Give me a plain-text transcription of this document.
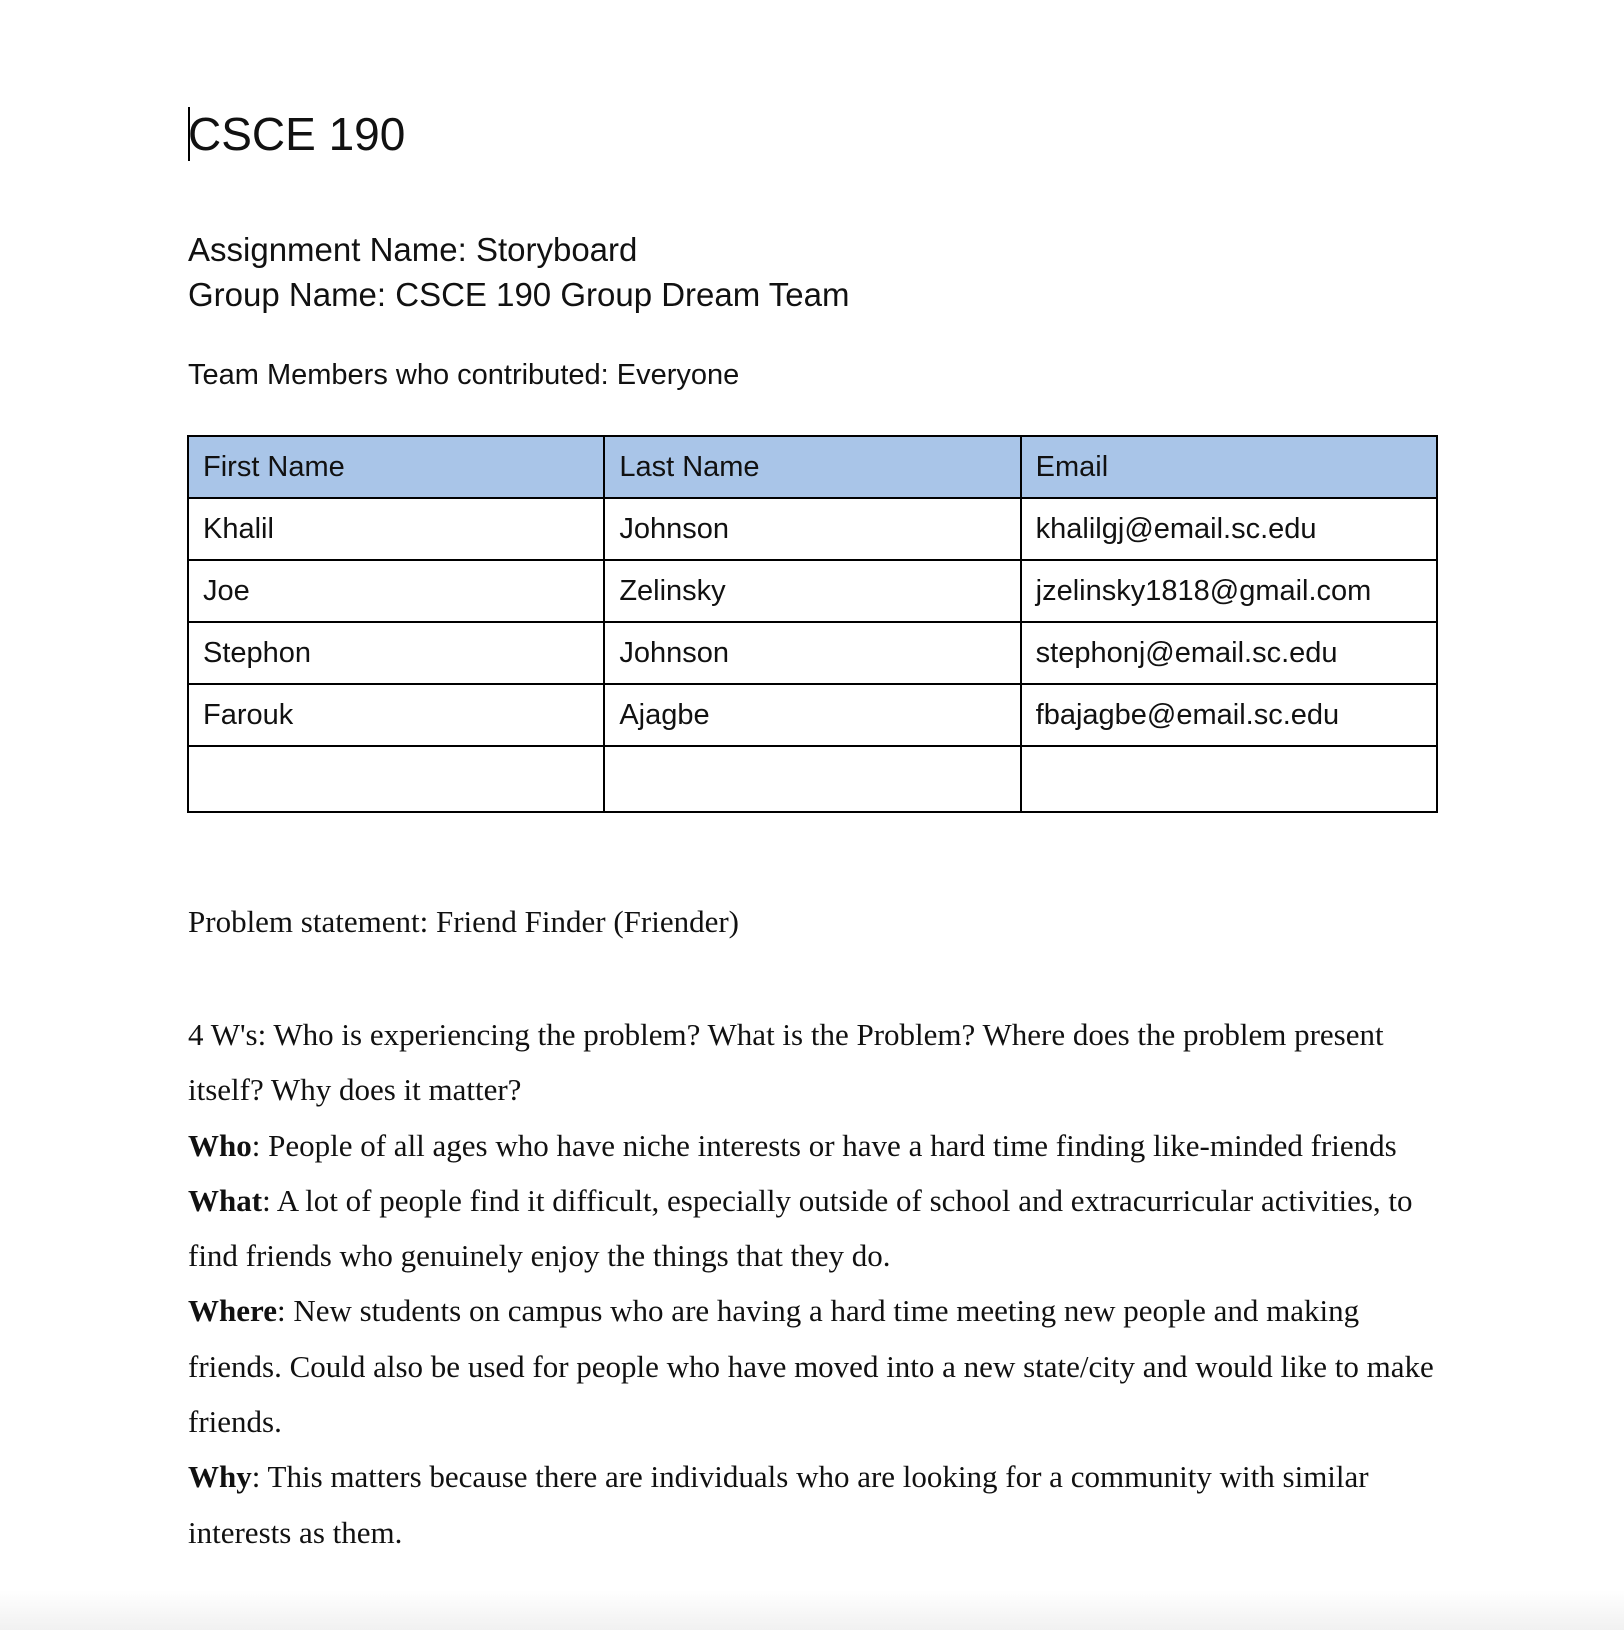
CSCE 190
Assignment Name: Storyboard
Group Name: CSCE 190 Group Dream Team
Team Members who contributed: Everyone
First Name	Last Name	Email
Khalil	Johnson	khalilgj@email.sc.edu
Joe	Zelinsky	jzelinsky1818@gmail.com
Stephon	Johnson	stephonj@email.sc.edu
Farouk	Ajagbe	fbajagbe@email.sc.edu

Problem statement: Friend Finder (Friender)

4 W's: Who is experiencing the problem? What is the Problem? Where does the problem present itself? Why does it matter?

Who: People of all ages who have niche interests or have a hard time finding like-minded friends

What: A lot of people find it difficult, especially outside of school and extracurricular activities, to find friends who genuinely enjoy the things that they do.

Where: New students on campus who are having a hard time meeting new people and making friends. Could also be used for people who have moved into a new state/city and would like to make friends.

Why: This matters because there are individuals who are looking for a community with similar interests as them.
